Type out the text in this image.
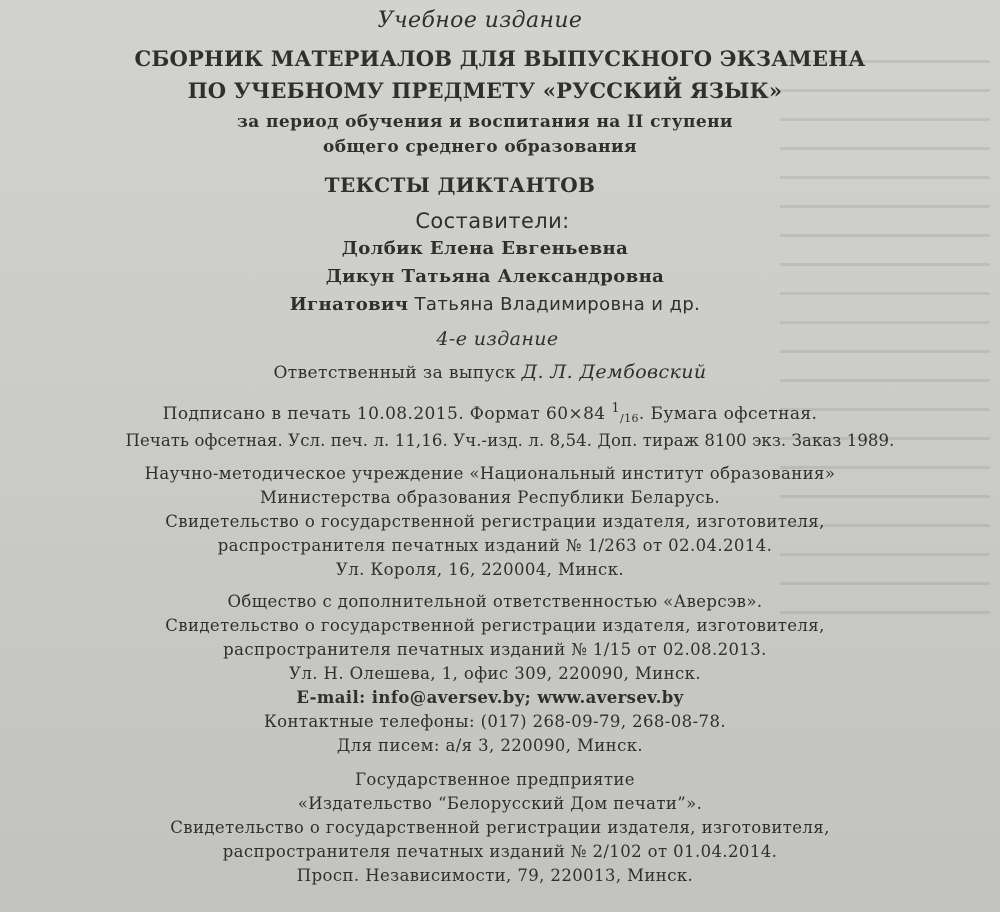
Учебное издание
СБОРНИК МАТЕРИАЛОВ ДЛЯ ВЫПУСКНОГО ЭКЗАМЕНА
ПО УЧЕБНОМУ ПРЕДМЕТУ «РУССКИЙ ЯЗЫК»
за период обучения и воспитания на II ступени
общего среднего образования
ТЕКСТЫ ДИКТАНТОВ
Составители:
Долбик Елена Евгеньевна
Дикун Татьяна Александровна
Игнатович Татьяна Владимировна и др.
4-е издание
Ответственный за выпуск Д. Л. Дембовский
Подписано в печать 10.08.2015. Формат 60×84 $^1_{/16}$. Бумага офсетная.
Печать офсетная. Усл. печ. л. 11,16. Уч.-изд. л. 8,54. Доп. тираж 8100 экз. Заказ 1989.
Научно-методическое учреждение «Национальный институт образования»
Министерства образования Республики Беларусь.
Свидетельство о государственной регистрации издателя, изготовителя,
распространителя печатных изданий № 1/263 от 02.04.2014.
Ул. Короля, 16, 220004, Минск.
Общество с дополнительной ответственностью «Аверсэв».
Свидетельство о государственной регистрации издателя, изготовителя,
распространителя печатных изданий № 1/15 от 02.08.2013.
Ул. Н. Олешева, 1, офис 309, 220090, Минск.
E-mail: info@aversev.by; www.aversev.by
Контактные телефоны: (017) 268-09-79, 268-08-78.
Для писем: а/я 3, 220090, Минск.
Государственное предприятие
«Издательство “Белорусский Дом печати”».
Свидетельство о государственной регистрации издателя, изготовителя,
распространителя печатных изданий № 2/102 от 01.04.2014.
Просп. Независимости, 79, 220013, Минск.
